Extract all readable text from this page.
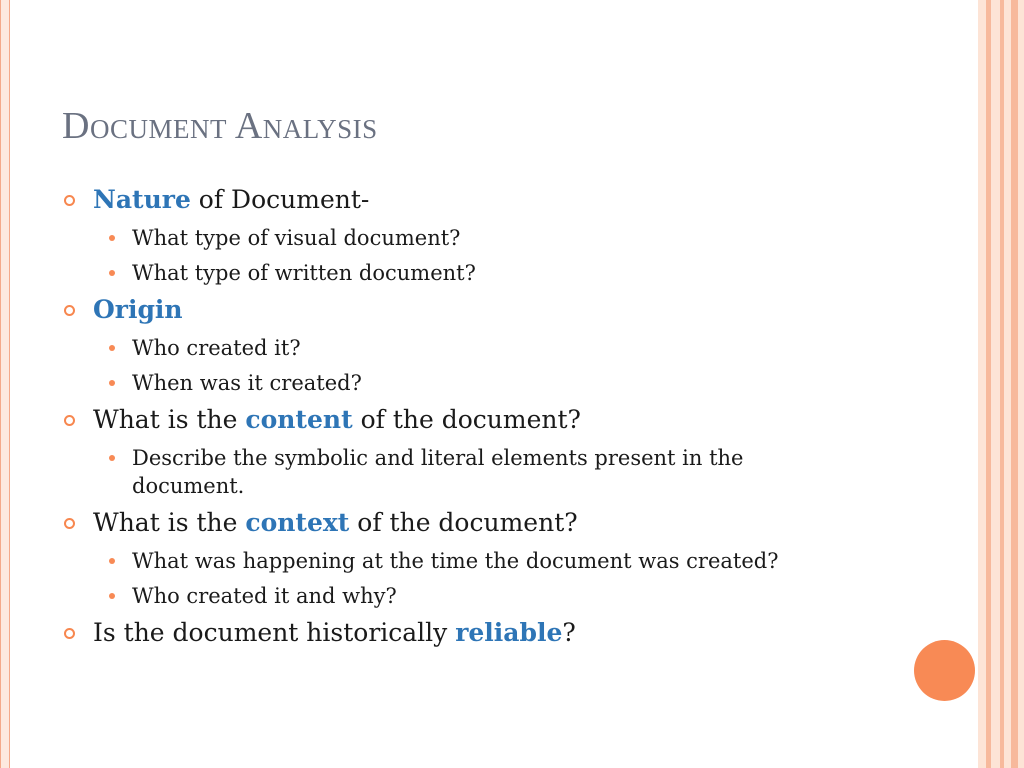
Document Analysis
Nature of Document-
What type of visual document?
What type of written document?
Origin
Who created it?
When was it created?
What is the content of the document?
Describe the symbolic and literal elements present in the document.
What is the context of the document?
What was happening at the time the document was created?
Who created it and why?
Is the document historically reliable?
